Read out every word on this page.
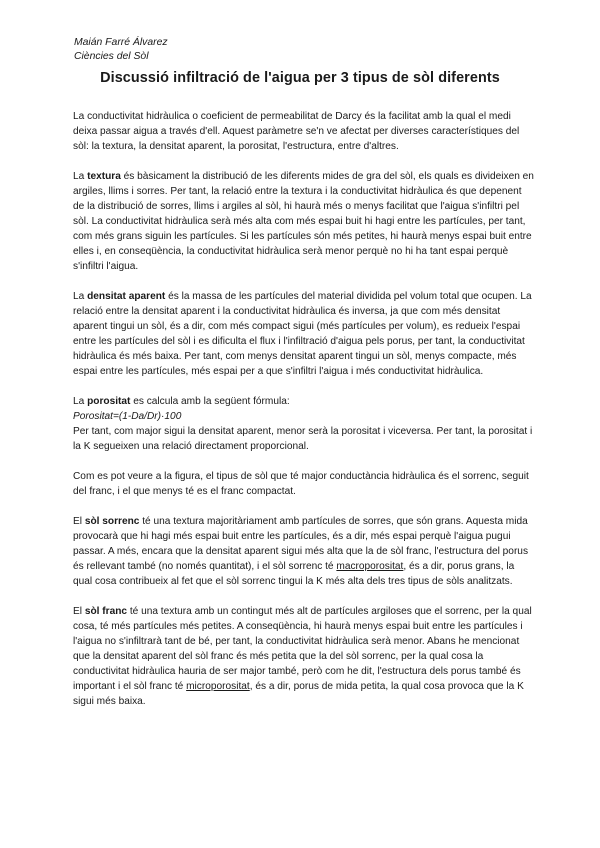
Maián Farré Álvarez
Ciències del Sòl
Discussió infiltració de l'aigua per 3 tipus de sòl diferents

La conductivitat hidràulica o coeficient de permeabilitat de Darcy és la facilitat amb la qual el medi deixa passar aigua a través d'ell. Aquest paràmetre se'n ve afectat per diverses característiques del sòl: la textura, la densitat aparent, la porositat, l'estructura, entre d'altres.

La textura és bàsicament la distribució de les diferents mides de gra del sòl, els quals es divideixen en argiles, llims i sorres. Per tant, la relació entre la textura i la conductivitat hidràulica és que depenent de la distribució de sorres, llims i argiles al sòl, hi haurà més o menys facilitat que l'aigua s'infiltri pel sòl. La conductivitat hidràulica serà més alta com més espai buit hi hagi entre les partícules, per tant, com més grans siguin les partícules. Si les partícules són més petites, hi haurà menys espai buit entre elles i, en conseqüència, la conductivitat hidràulica serà menor perquè no hi ha tant espai perquè s'infiltri l'aigua.

La densitat aparent és la massa de les partícules del material dividida pel volum total que ocupen. La relació entre la densitat aparent i la conductivitat hidràulica és inversa, ja que com més densitat aparent tingui un sòl, és a dir, com més compact sigui (més partícules per volum), es redueix l'espai entre les partícules del sòl i es dificulta el flux i l'infiltració d'aigua pels porus, per tant, la conductivitat hidràulica és més baixa. Per tant, com menys densitat aparent tingui un sòl, menys compacte, més espai entre les partícules, més espai per a que s'infiltri l'aigua i més conductivitat hidràulica.

La porositat es calcula amb la següent fórmula:

Porositat=(1-Da/Dr)·100

Per tant, com major sigui la densitat aparent, menor serà la porositat i viceversa. Per tant, la porositat i la K segueixen una relació directament proporcional.

Com es pot veure a la figura, el tipus de sòl que té major conductància hidràulica és el sorrenc, seguit del franc, i el que menys té es el franc compactat.

El sòl sorrenc té una textura majoritàriament amb partícules de sorres, que són grans. Aquesta mida provocarà que hi hagi més espai buit entre les partícules, és a dir, més espai perquè l'aigua pugui passar. A més, encara que la densitat aparent sigui més alta que la de sòl franc, l'estructura del porus és rellevant també (no només quantitat), i el sòl sorrenc té macroporositat, és a dir, porus grans, la qual cosa contribueix al fet que el sòl sorrenc tingui la K més alta dels tres tipus de sòls analitzats.

El sòl franc té una textura amb un contingut més alt de partícules argiloses que el sorrenc, per la qual cosa, té més partícules més petites. A conseqüència, hi haurà menys espai buit entre les partícules i l'aigua no s'infiltrarà tant de bé, per tant, la conductivitat hidràulica serà menor. Abans he mencionat que la densitat aparent del sòl franc és més petita que la del sòl sorrenc, per la qual cosa la conductivitat hidràulica hauria de ser major també, però com he dit, l'estructura dels porus també és important i el sòl franc té microporositat, és a dir, porus de mida petita, la qual cosa provoca que la K sigui més baixa.
